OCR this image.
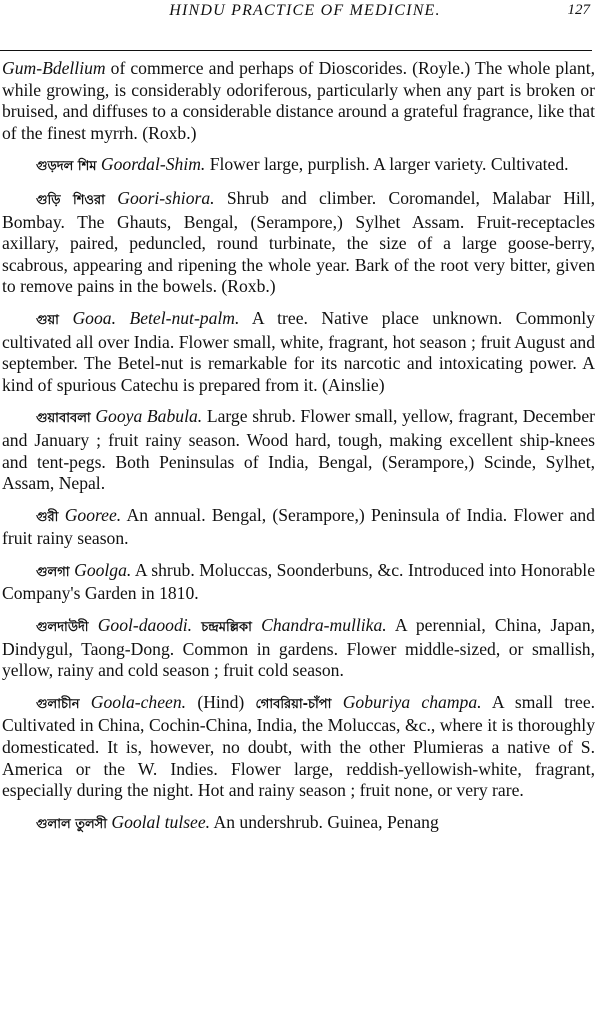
HINDU PRACTICE OF MEDICINE.	127

Gum-Bdellium of commerce and perhaps of Dioscorides. (Royle.) The whole plant, while growing, is considerably odoriferous, particularly when any part is broken or bruised, and diffuses to a considerable distance around a grateful fragrance, like that of the finest myrrh. (Roxb.)

গুড়দল শিম Goordal-Shim. Flower large, purplish. A larger variety. Cultivated.

গুড়ি শিওরা Goori-shiora. Shrub and climber. Coromandel, Malabar Hill, Bombay. The Ghauts, Bengal, (Serampore,) Sylhet Assam. Fruit-receptacles axillary, paired, peduncled, round turbinate, the size of a large goose-berry, scabrous, appearing and ripening the whole year. Bark of the root very bitter, given to remove pains in the bowels. (Roxb.)

গুয়া Gooa. Betel-nut-palm. A tree. Native place unknown. Commonly cultivated all over India. Flower small, white, fragrant, hot season ; fruit August and september. The Betel-nut is remarkable for its narcotic and intoxicating power. A kind of spurious Catechu is prepared from it. (Ainslie)

গুয়াবাবলা Gooya Babula. Large shrub. Flower small, yellow, fragrant, December and January ; fruit rainy season. Wood hard, tough, making excellent ship-knees and tent-pegs. Both Peninsulas of India, Bengal, (Serampore,) Scinde, Sylhet, Assam, Nepal.

গুরী Gooree. An annual. Bengal, (Serampore,) Peninsula of India. Flower and fruit rainy season.

গুলগা Goolga. A shrub. Moluccas, Soonderbuns, &c. Introduced into Honorable Company's Garden in 1810.

গুলদাউদী Gool-daoodi. চন্দ্রমল্লিকা Chandra-mullika. A perennial, China, Japan, Dindygul, Taong-Dong. Common in gardens. Flower middle-sized, or smallish, yellow, rainy and cold season ; fruit cold season.

গুলাচীন Goola-cheen. (Hind) গোবরিয়া-চাঁপা Goburiya champa. A small tree. Cultivated in China, Cochin-China, India, the Moluccas, &c., where it is thoroughly domesticated. It is, however, no doubt, with the other Plumieras a native of S. America or the W. Indies. Flower large, reddish-yellowish-white, fragrant, especially during the night. Hot and rainy season ; fruit none, or very rare.

গুলাল তুলসী Goolal tulsee. An undershrub. Guinea, Penang
